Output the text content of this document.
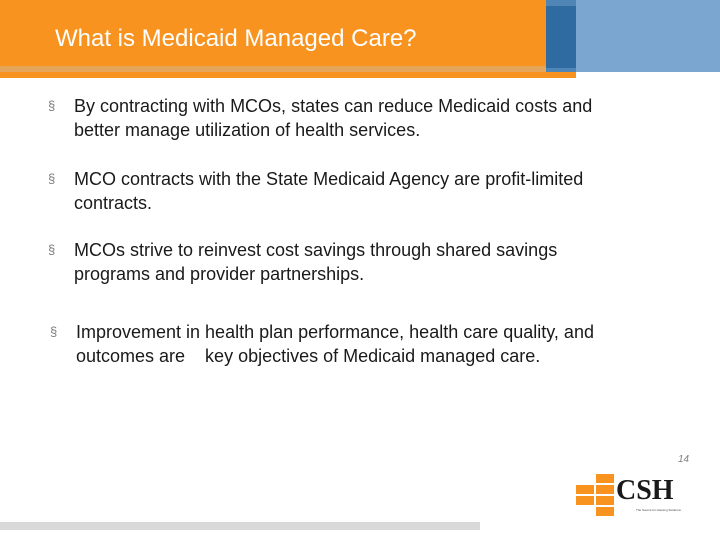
What is Medicaid Managed Care?
§ By contracting with MCOs, states can reduce Medicaid costs and better manage utilization of health services.
§ MCO contracts with the State Medicaid Agency are profit-limited contracts.
§ MCOs strive to reinvest cost savings through shared savings programs and provider partnerships.
§ Improvement in health plan performance, health care quality, and outcomes are    key objectives of Medicaid managed care.
14
CSH
The Source for Housing Solutions
